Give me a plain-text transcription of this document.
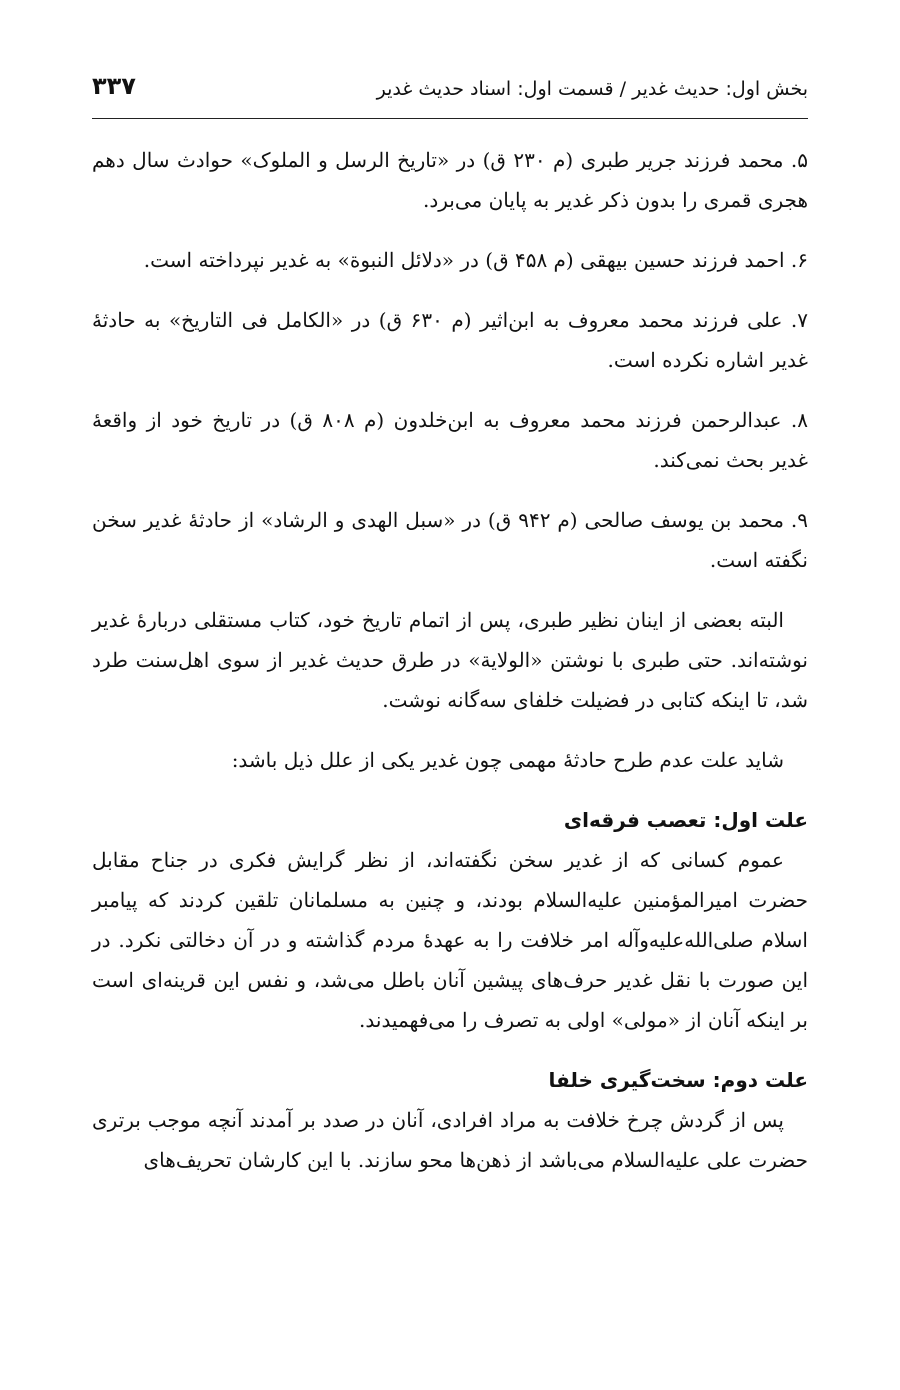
بخش اول: حدیث غدیر / قسمت اول: اسناد حدیث غدیر
۳۳۷

۵. محمد فرزند جریر طبری (م ۲۳۰ ق) در «تاریخ الرسل و الملوک» حوادث سال دهم هجری قمری را بدون ذکر غدیر به پایان می‌برد.

۶. احمد فرزند حسین بیهقی (م ۴۵۸ ق) در «دلائل النبوة» به غدیر نپرداخته است.

۷. علی فرزند محمد معروف به ابن‌اثیر (م ۶۳۰ ق) در «الکامل فی التاریخ» به حادثهٔ غدیر اشاره نکرده است.

۸. عبدالرحمن فرزند محمد معروف به ابن‌خلدون (م ۸۰۸ ق) در تاریخ خود از واقعهٔ غدیر بحث نمی‌کند.

۹. محمد بن یوسف صالحی (م ۹۴۲ ق) در «سبل الهدی و الرشاد» از حادثهٔ غدیر سخن نگفته است.

البته بعضی از اینان نظیر طبری، پس از اتمام تاریخ خود، کتاب مستقلی دربارهٔ غدیر نوشته‌اند. حتی طبری با نوشتن «الولایة» در طرق حدیث غدیر از سوی اهل‌سنت طرد شد، تا اینکه کتابی در فضیلت خلفای سه‌گانه نوشت.

شاید علت عدم طرح حادثهٔ مهمی چون غدیر یکی از علل ذیل باشد:

علت اول: تعصب فرقه‌ای

عموم کسانی که از غدیر سخن نگفته‌اند، از نظر گرایش فکری در جناح مقابل حضرت امیرالمؤمنین علیه‌السلام بودند، و چنین به مسلمانان تلقین کردند که پیامبر اسلام صلی‌الله‌علیه‌وآله امر خلافت را به عهدهٔ مردم گذاشته و در آن دخالتی نکرد. در این صورت با نقل غدیر حرف‌های پیشین آنان باطل می‌شد، و نفس این قرینه‌ای است بر اینکه آنان از «مولی» اولی به تصرف را می‌فهمیدند.

علت دوم: سخت‌گیری خلفا

پس از گردش چرخ خلافت به مراد افرادی، آنان در صدد بر آمدند آنچه موجب برتری حضرت علی علیه‌السلام می‌باشد از ذهن‌ها محو سازند. با این کارشان تحریف‌های
